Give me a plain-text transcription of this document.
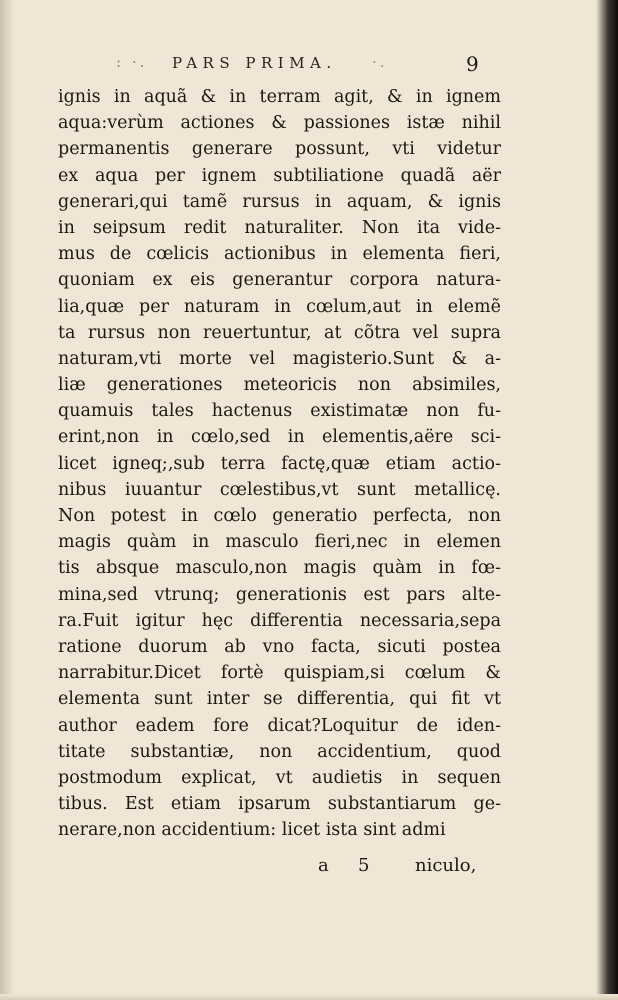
: ·. PARS PRIMA. ·.	9
ignis in aquã & in terram agit, & in ignem
aqua:verùm actiones & passiones istæ nihil
permanentis generare possunt, vti videtur
ex aqua per ignem subtiliatione quadã aër
generari,qui tamẽ rursus in aquam, & ignis
in seipsum redit naturaliter. Non ita vide-
mus de cœlicis actionibus in elementa fieri,
quoniam ex eis generantur corpora natura-
lia,quæ per naturam in cœlum,aut in elemẽ
ta rursus non reuertuntur, at cõtra vel supra
naturam,vti morte vel magisterio.Sunt & a-
liæ generationes meteoricis non absimiles,
quamuis tales hactenus existimatæ non fu-
erint,non in cœlo,sed in elementis,aëre sci-
licet igneq;,sub terra factę,quæ etiam actio-
nibus iuuantur cœlestibus,vt sunt metallicę.
Non potest in cœlo generatio perfecta, non
magis quàm in masculo fieri,nec in elemen
tis absque masculo,non magis quàm in fœ-
mina,sed vtrunq; generationis est pars alte-
ra.Fuit igitur hęc differentia necessaria,sepa
ratione duorum ab vno facta, sicuti postea
narrabitur.Dicet fortè quispiam,si cœlum &
elementa sunt inter se differentia, qui fit vt
author eadem fore dicat?Loquitur de iden-
titate substantiæ, non accidentium, quod
postmodum explicat, vt audietis in sequen
tibus. Est etiam ipsarum substantiarum ge-
nerare,non accidentium: licet ista sint admi
a 5	niculo,
